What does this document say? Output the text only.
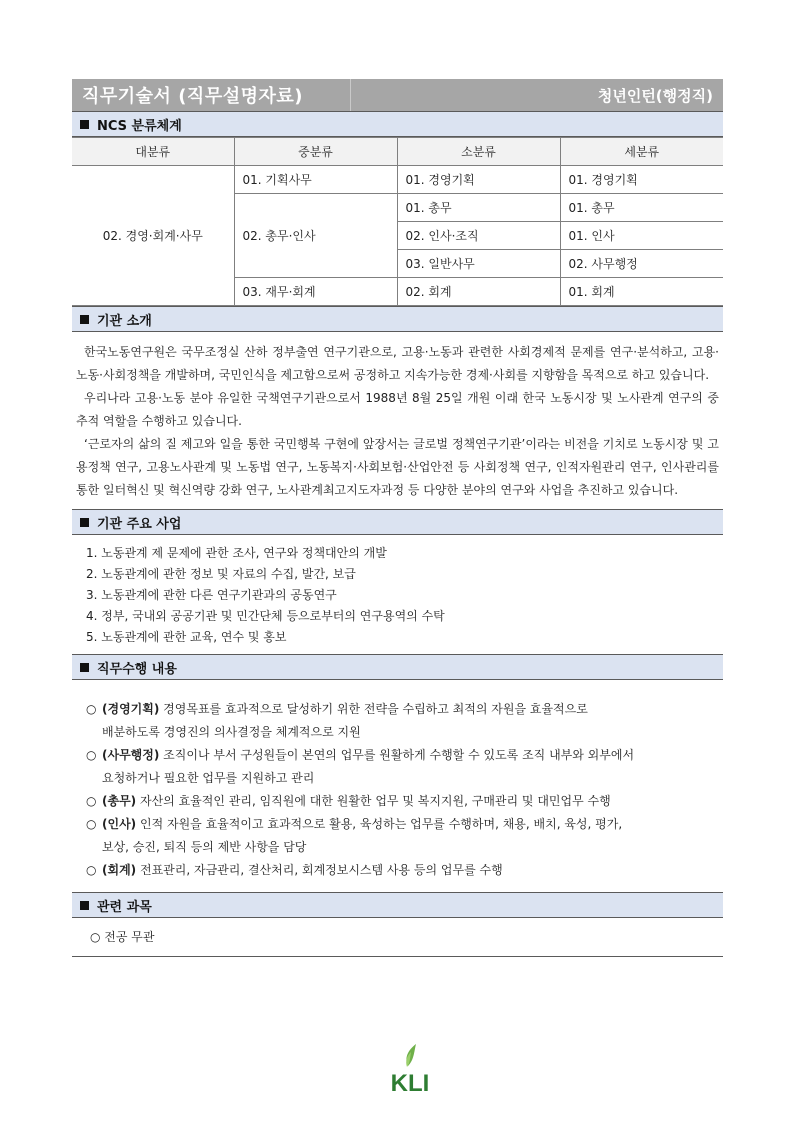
직무기술서 (직무설명자료)	청년인턴(행정직)
NCS 분류체계
대분류	중분류	소분류	세분류
02. 경영·회계·사무	01. 기획사무	01. 경영기획	01. 경영기획
	02. 총무·인사	01. 총무	01. 총무
		02. 인사·조직	01. 인사
		03. 일반사무	02. 사무행정
	03. 재무·회계	02. 회계	01. 회계
기관 소개

한국노동연구원은 국무조정실 산하 정부출연 연구기관으로, 고용·노동과 관련한 사회경제적 문제를 연구·분석하고, 고용·노동·사회정책을 개발하며, 국민인식을 제고함으로써 공정하고 지속가능한 경제·사회를 지향함을 목적으로 하고 있습니다.

우리나라 고용·노동 분야 유일한 국책연구기관으로서 1988년 8월 25일 개원 이래 한국 노동시장 및 노사관계 연구의 중추적 역할을 수행하고 있습니다.

‘근로자의 삶의 질 제고와 일을 통한 국민행복 구현에 앞장서는 글로벌 정책연구기관’이라는 비전을 기치로 노동시장 및 고용정책 연구, 고용노사관계 및 노동법 연구, 노동복지·사회보험·산업안전 등 사회정책 연구, 인적자원관리 연구, 인사관리를 통한 일터혁신 및 혁신역량 강화 연구, 노사관계최고지도자과정 등 다양한 분야의 연구와 사업을 추진하고 있습니다.

기관 주요 사업
1. 노동관계 제 문제에 관한 조사, 연구와 정책대안의 개발
2. 노동관계에 관한 정보 및 자료의 수집, 발간, 보급
3. 노동관계에 관한 다른 연구기관과의 공동연구
4. 정부, 국내외 공공기관 및 민간단체 등으로부터의 연구용역의 수탁
5. 노동관계에 관한 교육, 연수 및 홍보
직무수행 내용
○ (경영기획) 경영목표를 효과적으로 달성하기 위한 전략을 수립하고 최적의 자원을 효율적으로
배분하도록 경영진의 의사결정을 체계적으로 지원
○ (사무행정) 조직이나 부서 구성원들이 본연의 업무를 원활하게 수행할 수 있도록 조직 내부와 외부에서
요청하거나 필요한 업무를 지원하고 관리
○ (총무) 자산의 효율적인 관리, 임직원에 대한 원활한 업무 및 복지지원, 구매관리 및 대민업무 수행
○ (인사) 인적 자원을 효율적이고 효과적으로 활용, 육성하는 업무를 수행하며, 채용, 배치, 육성, 평가,
보상, 승진, 퇴직 등의 제반 사항을 담당
○ (회계) 전표관리, 자금관리, 결산처리, 회계정보시스템 사용 등의 업무를 수행
관련 과목
○ 전공 무관
KLI
